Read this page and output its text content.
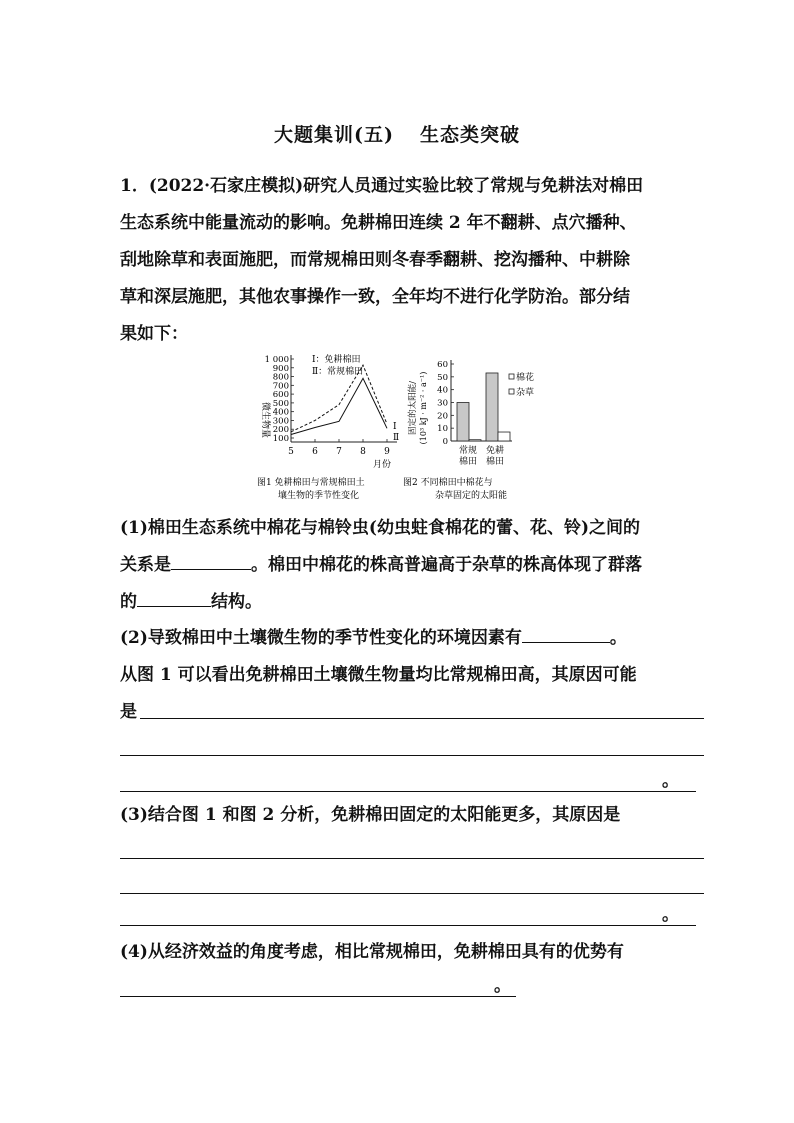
大题集训(五) 生态类突破
1．(2022·石家庄模拟)研究人员通过实验比较了常规与免耕法对棉田
生态系统中能量流动的影响。免耕棉田连续 2 年不翻耕、点穴播种、
刮地除草和表面施肥，而常规棉田则冬春季翻耕、挖沟播种、中耕除
草和深层施肥，其他农事操作一致，全年均不进行化学防治。部分结
果如下：
微生物量
100
200
300
400
500
600
700
800
900
1 000
5 6 7 8 9
Ⅰ：免耕棉田
Ⅱ：常规棉田
Ⅰ
Ⅱ
月份
图1 免耕棉田与常规棉田土
壤生物的季节性变化
固定的太阳能/ (10³ kJ · m⁻² · a⁻¹) 0
10
20
30
40
50
60
常规
棉田
免耕
棉田
棉花
杂草
图2 不同棉田中棉花与
杂草固定的太阳能
(1)棉田生态系统中棉花与棉铃虫(幼虫蛀食棉花的蕾、花、铃)之间的
关系是	。棉田中棉花的株高普遍高于杂草的株高体现了群落
的	结构。
(2)导致棉田中土壤微生物的季节性变化的环境因素有	。
从图 1 可以看出免耕棉田土壤微生物量均比常规棉田高，其原因可能
是
。
(3)结合图 1 和图 2 分析，免耕棉田固定的太阳能更多，其原因是
。
(4)从经济效益的角度考虑，相比常规棉田，免耕棉田具有的优势有
。
